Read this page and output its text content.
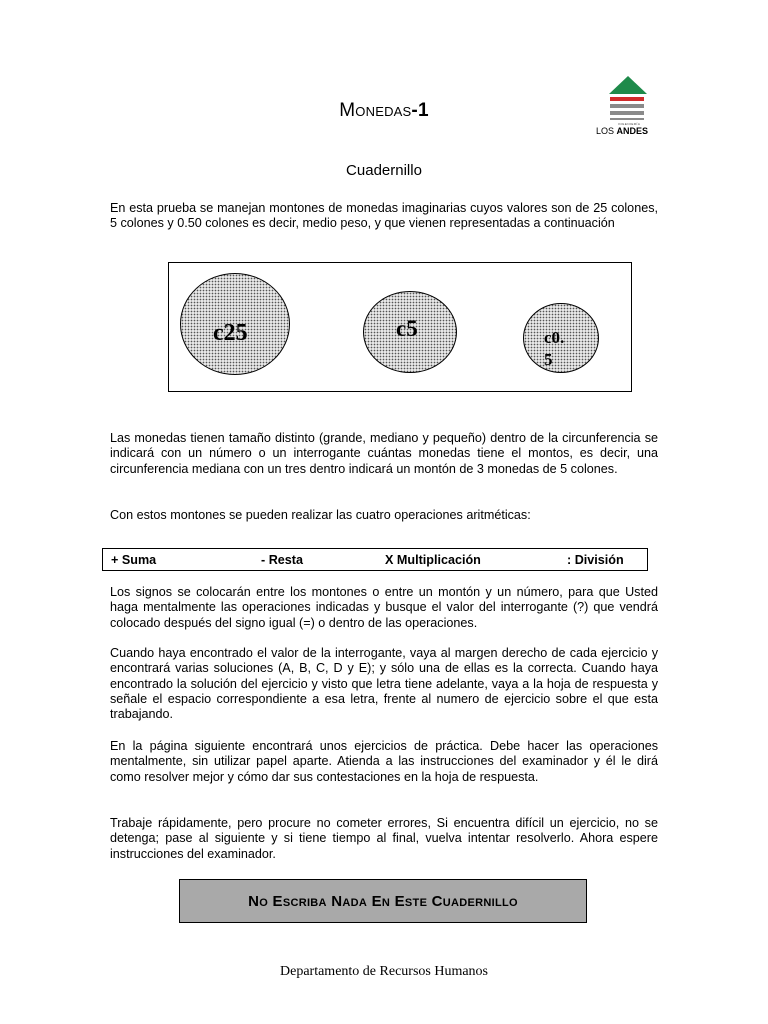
Monedas-1
INGENIERÍA
LOS ANDES
Cuadernillo
En esta prueba se manejan montones de monedas imaginarias cuyos valores son de 25 colones, 5 colones y 0.50 colones es decir, medio peso, y que vienen representadas a continuación
c25	c5	c0.
5
Las monedas tienen tamaño distinto (grande, mediano y pequeño) dentro de la circunferencia se indicará con un número o un interrogante cuántas monedas tiene el montos, es decir, una circunferencia mediana con un tres dentro indicará un montón de 3 monedas de 5 colones.
Con estos montones se pueden realizar las cuatro operaciones aritméticas:
+ Suma	- Resta	X Multiplicación	: División
Los signos se colocarán entre los montones o entre un montón y un número, para que Usted haga mentalmente las operaciones indicadas y busque el valor del interrogante (?) que vendrá colocado después del signo igual (=) o dentro de las operaciones.
Cuando haya encontrado el valor de la interrogante, vaya al margen derecho de cada ejercicio y encontrará varias soluciones (A, B, C, D y E); y sólo una de ellas es la correcta. Cuando haya encontrado la solución del ejercicio y visto que letra tiene adelante, vaya a la hoja de respuesta y señale el espacio correspondiente a esa letra, frente al numero de ejercicio sobre el que esta trabajando.
En la página siguiente encontrará unos ejercicios de práctica. Debe hacer las operaciones mentalmente, sin utilizar papel aparte. Atienda a las instrucciones del examinador y él le dirá como resolver mejor y cómo dar sus contestaciones en la hoja de respuesta.
Trabaje rápidamente, pero procure no cometer errores, Si encuentra difícil un ejercicio, no se detenga; pase al siguiente y si tiene tiempo al final, vuelva intentar resolverlo. Ahora espere instrucciones del examinador.
No Escriba Nada En Este Cuadernillo
Departamento de Recursos Humanos
